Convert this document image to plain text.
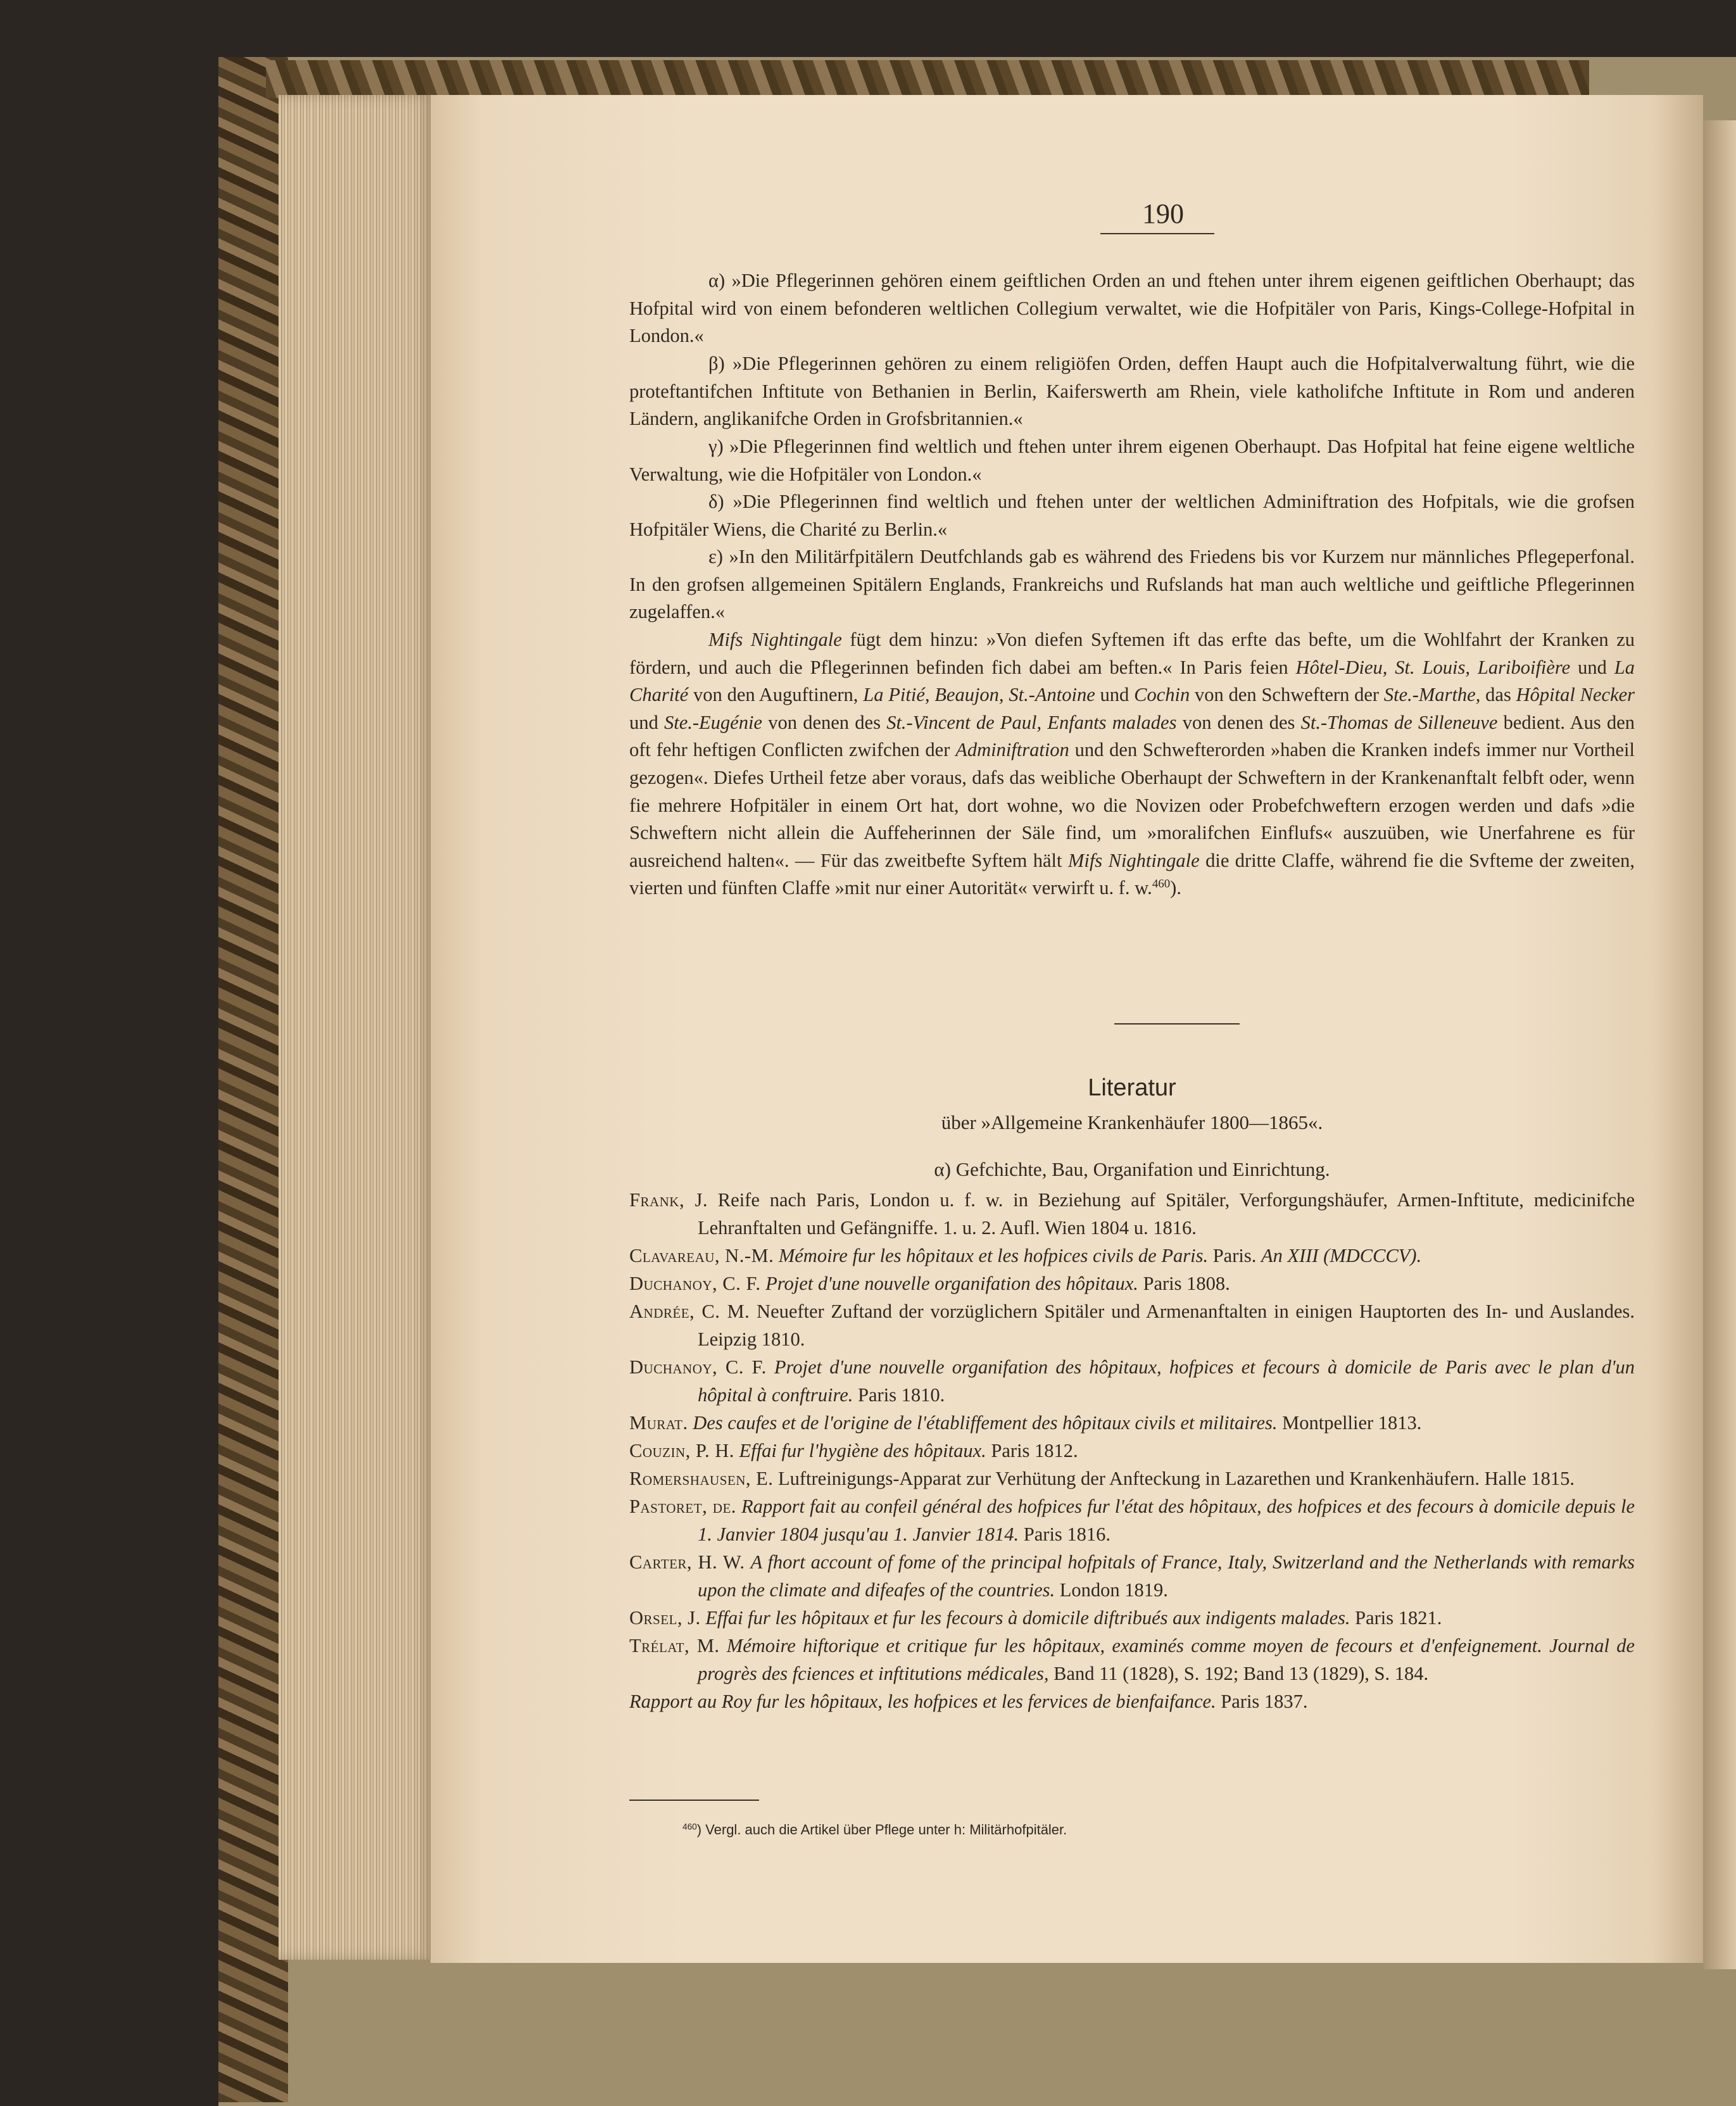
190

α) »Die Pflegerinnen gehören einem geiftlichen Orden an und ftehen unter ihrem eigenen geiftlichen Oberhaupt; das Hofpital wird von einem befonderen weltlichen Collegium verwaltet, wie die Hofpitäler von Paris, Kings-College-Hofpital in London.«

β) »Die Pflegerinnen gehören zu einem religiöfen Orden, deffen Haupt auch die Hofpitalverwaltung führt, wie die proteftantifchen Inftitute von Bethanien in Berlin, Kaiferswerth am Rhein, viele katholifche Inftitute in Rom und anderen Ländern, anglikanifche Orden in Grofsbritannien.«

γ) »Die Pflegerinnen find weltlich und ftehen unter ihrem eigenen Oberhaupt. Das Hofpital hat feine eigene weltliche Verwaltung, wie die Hofpitäler von London.«

δ) »Die Pflegerinnen find weltlich und ftehen unter der weltlichen Adminiftration des Hofpitals, wie die grofsen Hofpitäler Wiens, die Charité zu Berlin.«

ε) »In den Militärfpitälern Deutfchlands gab es während des Friedens bis vor Kurzem nur männliches Pflegeperfonal. In den grofsen allgemeinen Spitälern Englands, Frankreichs und Rufslands hat man auch weltliche und geiftliche Pflegerinnen zugelaffen.«

Mifs Nightingale fügt dem hinzu: »Von diefen Syftemen ift das erfte das befte, um die Wohlfahrt der Kranken zu fördern, und auch die Pflegerinnen befinden fich dabei am beften.« In Paris feien Hôtel-Dieu, St. Louis, Lariboifière und La Charité von den Auguftinern, La Pitié, Beaujon, St.-Antoine und Cochin von den Schweftern der Ste.-Marthe, das Hôpital Necker und Ste.-Eugénie von denen des St.-Vincent de Paul, Enfants malades von denen des St.-Thomas de Silleneuve bedient. Aus den oft fehr heftigen Conflicten zwifchen der Adminiftration und den Schwefterorden »haben die Kranken indefs immer nur Vortheil gezogen«. Diefes Urtheil fetze aber voraus, dafs das weibliche Oberhaupt der Schweftern in der Krankenanftalt felbft oder, wenn fie mehrere Hofpitäler in einem Ort hat, dort wohne, wo die Novizen oder Probefchweftern erzogen werden und dafs »die Schweftern nicht allein die Auffeherinnen der Säle find, um »moralifchen Einflufs« auszuüben, wie Unerfahrene es für ausreichend halten«. — Für das zweitbefte Syftem hält Mifs Nightingale die dritte Claffe, während fie die Svfteme der zweiten, vierten und fünften Claffe »mit nur einer Autorität« verwirft u. f. w.$^{460}$).

Literatur
über »Allgemeine Krankenhäufer 1800—1865«.
α) Gefchichte, Bau, Organifation und Einrichtung.
Frank, J. Reife nach Paris, London u. f. w. in Beziehung auf Spitäler, Verforgungshäufer, Armen-Inftitute, medicinifche Lehranftalten und Gefängniffe. 1. u. 2. Aufl. Wien 1804 u. 1816.
Clavareau, N.-M. Mémoire fur les hôpitaux et les hofpices civils de Paris. Paris. An XIII (MDCCCV).
Duchanoy, C. F. Projet d'une nouvelle organifation des hôpitaux. Paris 1808.
Andrée, C. M. Neuefter Zuftand der vorzüglichern Spitäler und Armenanftalten in einigen Hauptorten des In- und Auslandes. Leipzig 1810.
Duchanoy, C. F. Projet d'une nouvelle organifation des hôpitaux, hofpices et fecours à domicile de Paris avec le plan d'un hôpital à conftruire. Paris 1810.
Murat. Des caufes et de l'origine de l'établiffement des hôpitaux civils et militaires. Montpellier 1813.
Couzin, P. H. Effai fur l'hygiène des hôpitaux. Paris 1812.
Romershausen, E. Luftreinigungs-Apparat zur Verhütung der Anfteckung in Lazarethen und Krankenhäufern. Halle 1815.
Pastoret, de. Rapport fait au confeil général des hofpices fur l'état des hôpitaux, des hofpices et des fecours à domicile depuis le 1. Janvier 1804 jusqu'au 1. Janvier 1814. Paris 1816.
Carter, H. W. A fhort account of fome of the principal hofpitals of France, Italy, Switzerland and the Netherlands with remarks upon the climate and difeafes of the countries. London 1819.
Orsel, J. Effai fur les hôpitaux et fur les fecours à domicile diftribués aux indigents malades. Paris 1821.
Trélat, M. Mémoire hiftorique et critique fur les hôpitaux, examinés comme moyen de fecours et d'enfeignement. Journal de progrès des fciences et inftitutions médicales, Band 11 (1828), S. 192; Band 13 (1829), S. 184.
Rapport au Roy fur les hôpitaux, les hofpices et les fervices de bienfaifance. Paris 1837.
$^{460}$) Vergl. auch die Artikel über Pflege unter h: Militärhofpitäler.
